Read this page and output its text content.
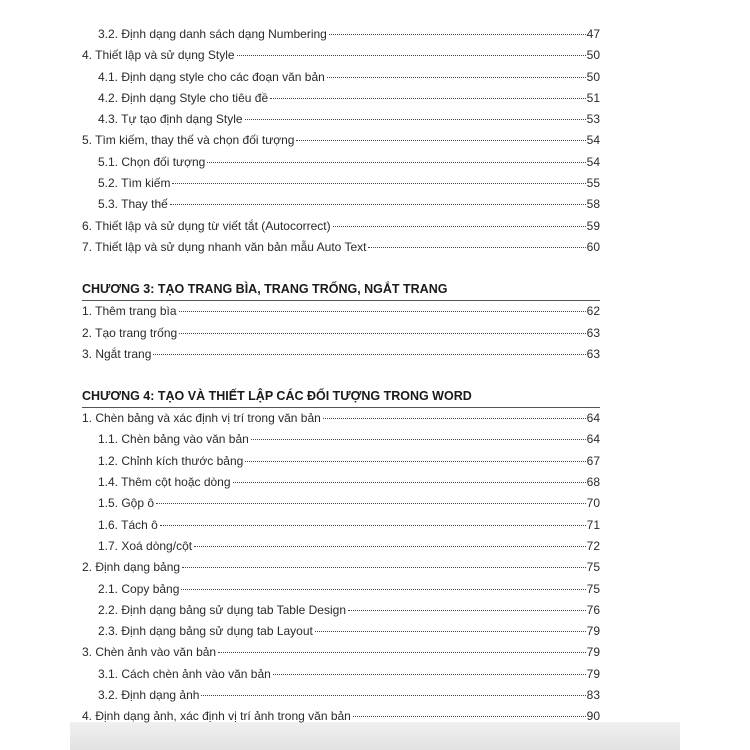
3.2. Định dạng danh sách dạng Numbering	47
4. Thiết lập và sử dụng Style	50
4.1. Định dạng style cho các đoạn văn bản	50
4.2. Định dạng Style cho tiêu đề	51
4.3. Tự tạo định dạng Style	53
5. Tìm kiếm, thay thế và chọn đối tượng	54
5.1. Chọn đối tượng	54
5.2. Tìm kiếm	55
5.3. Thay thế	58
6. Thiết lập và sử dụng từ viết tắt (Autocorrect)	59
7. Thiết lập và sử dụng nhanh văn bản mẫu Auto Text	60
CHƯƠNG 3: TẠO TRANG BÌA, TRANG TRỐNG, NGẮT TRANG
1. Thêm trang bìa	62
2. Tạo trang trống	63
3. Ngắt trang	63
CHƯƠNG 4: TẠO VÀ THIẾT LẬP CÁC ĐỐI TƯỢNG TRONG WORD
1. Chèn bảng và xác định vị trí trong văn bản	64
1.1. Chèn bảng vào văn bản	64
1.2. Chỉnh kích thước bảng	67
1.4. Thêm cột hoặc dòng	68
1.5. Gộp ô	70
1.6. Tách ô	71
1.7. Xoá dòng/cột	72
2. Định dạng bảng	75
2.1. Copy bảng	75
2.2. Định dạng bảng sử dụng tab Table Design	76
2.3. Định dạng bảng sử dụng tab Layout	79
3. Chèn ảnh vào văn bản	79
3.1. Cách chèn ảnh vào văn bản	79
3.2. Định dạng ảnh	83
4. Định dạng ảnh, xác định vị trí ảnh trong văn bản	90
